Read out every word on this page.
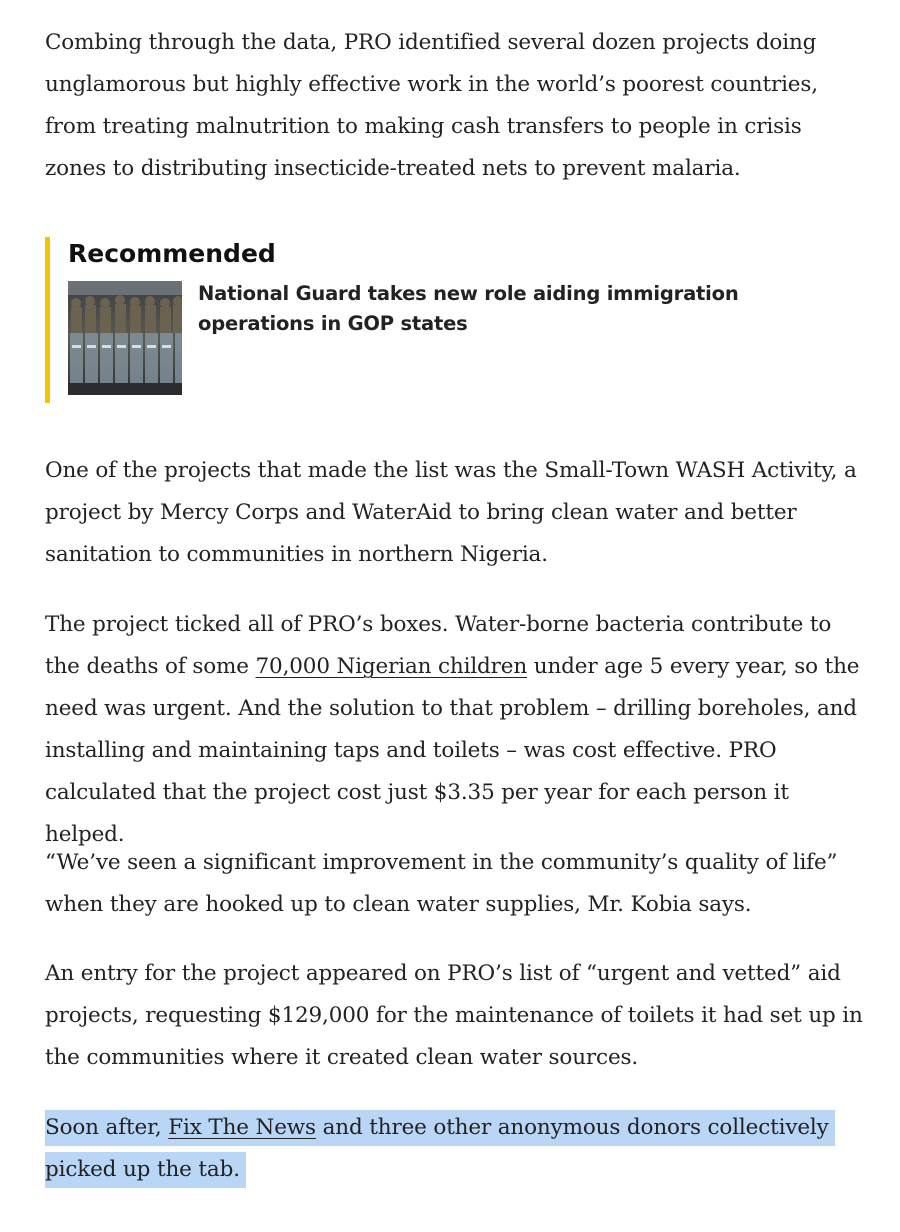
Combing through the data, PRO identified several dozen projects doing unglamorous but highly effective work in the world’s poorest countries, from treating malnutrition to making cash transfers to people in crisis zones to distributing insecticide-treated nets to prevent malaria.

Recommended
National Guard takes new role aiding immigration operations in GOP states

One of the projects that made the list was the Small-Town WASH Activity, a project by Mercy Corps and WaterAid to bring clean water and better sanitation to communities in northern Nigeria.

The project ticked all of PRO’s boxes. Water-borne bacteria contribute to the deaths of some 70,000 Nigerian children under age 5 every year, so the need was urgent. And the solution to that problem – drilling boreholes, and installing and maintaining taps and toilets – was cost effective. PRO calculated that the project cost just $3.35 per year for each person it helped.

“We’ve seen a significant improvement in the community’s quality of life” when they are hooked up to clean water supplies, Mr. Kobia says.

An entry for the project appeared on PRO’s list of “urgent and vetted” aid projects, requesting $129,000 for the maintenance of toilets it had set up in the communities where it created clean water sources.

Soon after, Fix The News and three other anonymous donors collectively picked up the tab.
